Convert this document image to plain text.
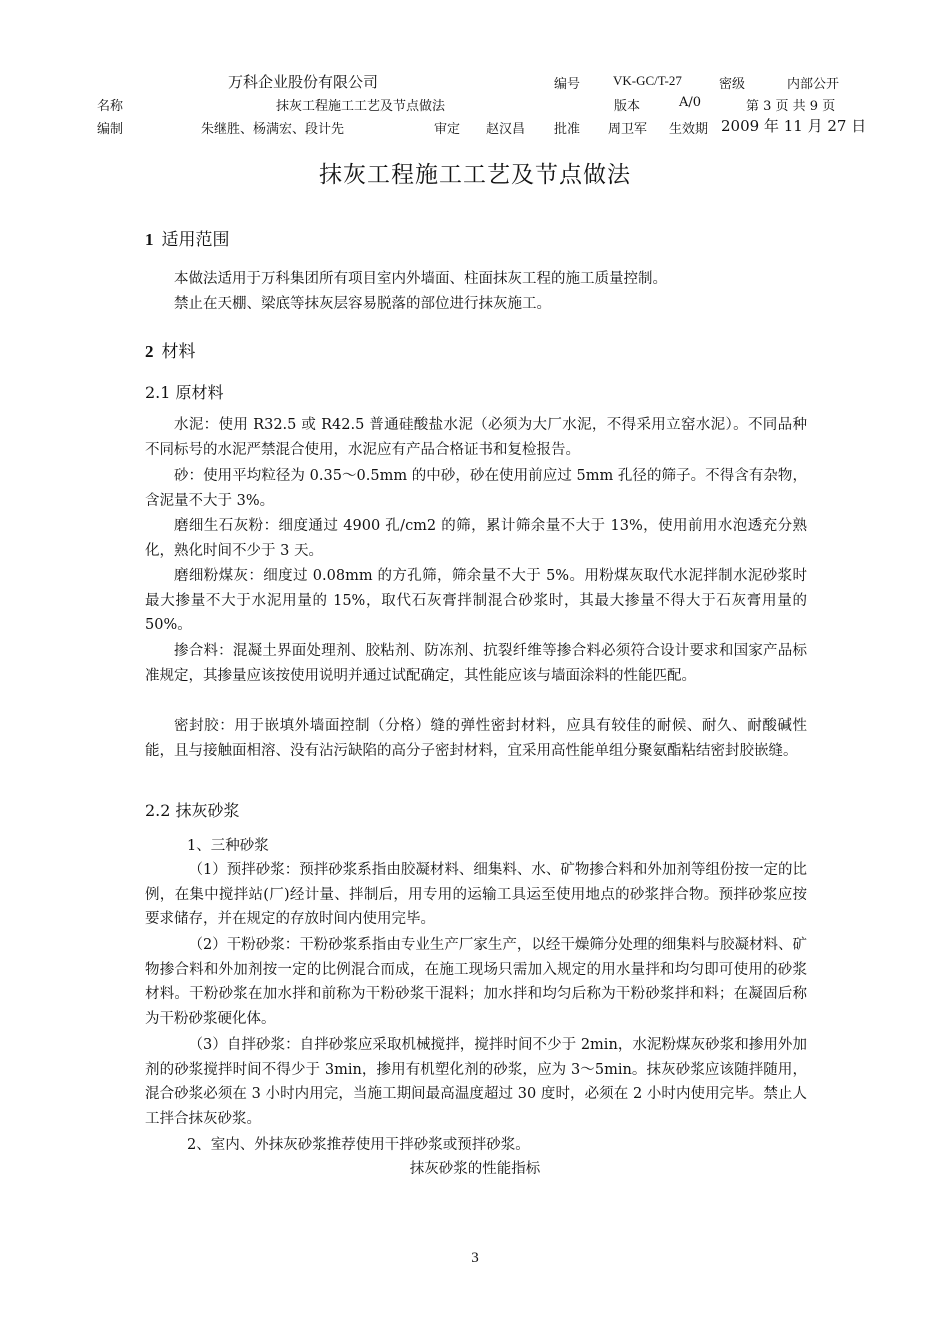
万科企业股份有限公司	编号	VK-GC/T-27	密级	内部公开
名称	抹灰工程施工工艺及节点做法	版本	A/0	第 3 页 共 9 页
编制	朱继胜、杨满宏、段计先	审定 赵汉昌 批准 周卫军 生效期 2009 年 11 月 27 日
抹灰工程施工工艺及节点做法
1 适用范围

本做法适用于万科集团所有项目室内外墙面、柱面抹灰工程的施工质量控制。

禁止在天棚、梁底等抹灰层容易脱落的部位进行抹灰施工。

2 材料
2.1 原材料

水泥：使用 R32.5 或 R42.5 普通硅酸盐水泥（必须为大厂水泥，不得采用立窑水泥）。不同品种不同标号的水泥严禁混合使用，水泥应有产品合格证书和复检报告。

砂：使用平均粒径为 0.35～0.5mm 的中砂，砂在使用前应过 5mm 孔径的筛子。不得含有杂物，含泥量不大于 3%。

磨细生石灰粉：细度通过 4900 孔/cm2 的筛，累计筛余量不大于 13%，使用前用水泡透充分熟化，熟化时间不少于 3 天。

磨细粉煤灰：细度过 0.08mm 的方孔筛，筛余量不大于 5%。用粉煤灰取代水泥拌制水泥砂浆时最大掺量不大于水泥用量的 15%，取代石灰膏拌制混合砂浆时，其最大掺量不得大于石灰膏用量的 50%。

掺合料：混凝土界面处理剂、胶粘剂、防冻剂、抗裂纤维等掺合料必须符合设计要求和国家产品标准规定，其掺量应该按使用说明并通过试配确定，其性能应该与墙面涂料的性能匹配。

密封胶：用于嵌填外墙面控制（分格）缝的弹性密封材料，应具有较佳的耐候、耐久、耐酸碱性能，且与接触面相溶、没有沾污缺陷的高分子密封材料，宜采用高性能单组分聚氨酯粘结密封胶嵌缝。

2.2 抹灰砂浆
1、三种砂浆

（1）预拌砂浆：预拌砂浆系指由胶凝材料、细集料、水、矿物掺合料和外加剂等组份按一定的比例，在集中搅拌站(厂)经计量、拌制后，用专用的运输工具运至使用地点的砂浆拌合物。预拌砂浆应按要求储存，并在规定的存放时间内使用完毕。

（2）干粉砂浆：干粉砂浆系指由专业生产厂家生产，以经干燥筛分处理的细集料与胶凝材料、矿物掺合料和外加剂按一定的比例混合而成，在施工现场只需加入规定的用水量拌和均匀即可使用的砂浆材料。干粉砂浆在加水拌和前称为干粉砂浆干混料；加水拌和均匀后称为干粉砂浆拌和料；在凝固后称为干粉砂浆硬化体。

（3）自拌砂浆：自拌砂浆应采取机械搅拌，搅拌时间不少于 2min，水泥粉煤灰砂浆和掺用外加剂的砂浆搅拌时间不得少于 3min，掺用有机塑化剂的砂浆，应为 3～5min。抹灰砂浆应该随拌随用，混合砂浆必须在 3 小时内用完，当施工期间最高温度超过 30 度时，必须在 2 小时内使用完毕。禁止人工拌合抹灰砂浆。

2、室内、外抹灰砂浆推荐使用干拌砂浆或预拌砂浆。
抹灰砂浆的性能指标
3
